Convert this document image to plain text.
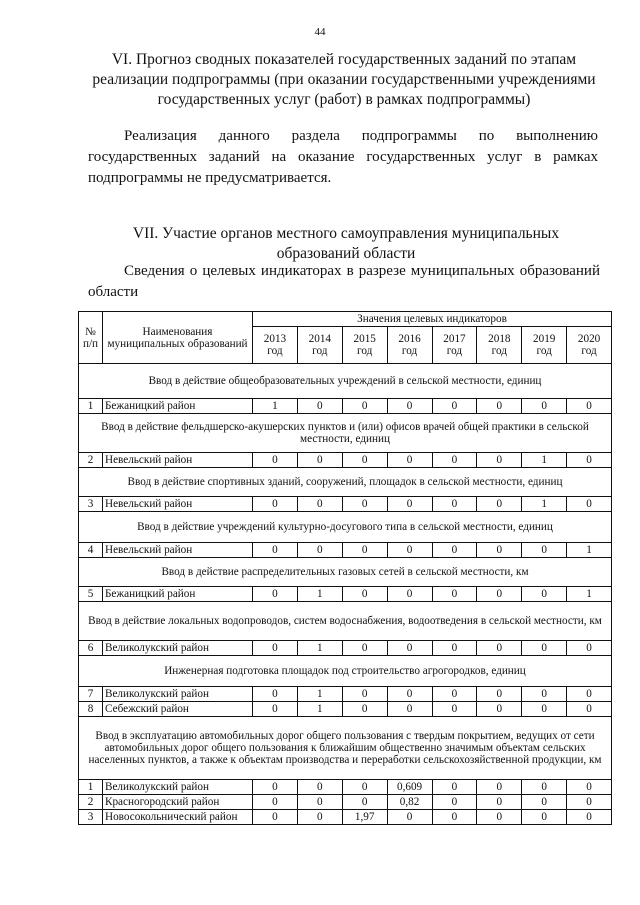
44
VI. Прогноз сводных показателей государственных заданий по этапам реализации подпрограммы (при оказании государственными учреждениями государственных услуг (работ) в рамках подпрограммы)
Реализация данного раздела подпрограммы по выполнению государственных заданий на оказание государственных услуг в рамках подпрограммы не предусматривается.
VII. Участие органов местного самоуправления муниципальных образований области
Сведения о целевых индикаторах в разрезе муниципальных образований области
№ п/п	Наименования муниципальных образований	Значения целевых индикаторов							
		2013 год	2014 год	2015 год	2016 год	2017 год	2018 год	2019 год	2020 год
Ввод в действие общеобразовательных учреждений в сельской местности, единиц									
1	Бежаницкий район	1	0	0	0	0	0	0	0
Ввод в действие фельдшерско-акушерских пунктов и (или) офисов врачей общей практики в сельской местности, единиц									
2	Невельский район	0	0	0	0	0	0	1	0
Ввод в действие спортивных зданий, сооружений, площадок в сельской местности, единиц									
3	Невельский район	0	0	0	0	0	0	1	0
Ввод в действие учреждений культурно-досугового типа в сельской местности, единиц									
4	Невельский район	0	0	0	0	0	0	0	1
Ввод в действие распределительных газовых сетей в сельской местности, км									
5	Бежаницкий район	0	1	0	0	0	0	0	1
Ввод в действие локальных водопроводов, систем водоснабжения, водоотведения в сельской местности, км									
6	Великолукский район	0	1	0	0	0	0	0	0
Инженерная подготовка площадок под строительство агрогородков, единиц									
7	Великолукский район	0	1	0	0	0	0	0	0
8	Себежский район	0	1	0	0	0	0	0	0
Ввод в эксплуатацию автомобильных дорог общего пользования с твердым покрытием, ведущих от сети автомобильных дорог общего пользования к ближайшим общественно значимым объектам сельских населенных пунктов, а также к объектам производства и переработки сельскохозяйственной продукции, км									
1	Великолукский район	0	0	0	0,609	0	0	0	0
2	Красногородский район	0	0	0	0,82	0	0	0	0
3	Новосокольнический район	0	0	1,97	0	0	0	0	0
